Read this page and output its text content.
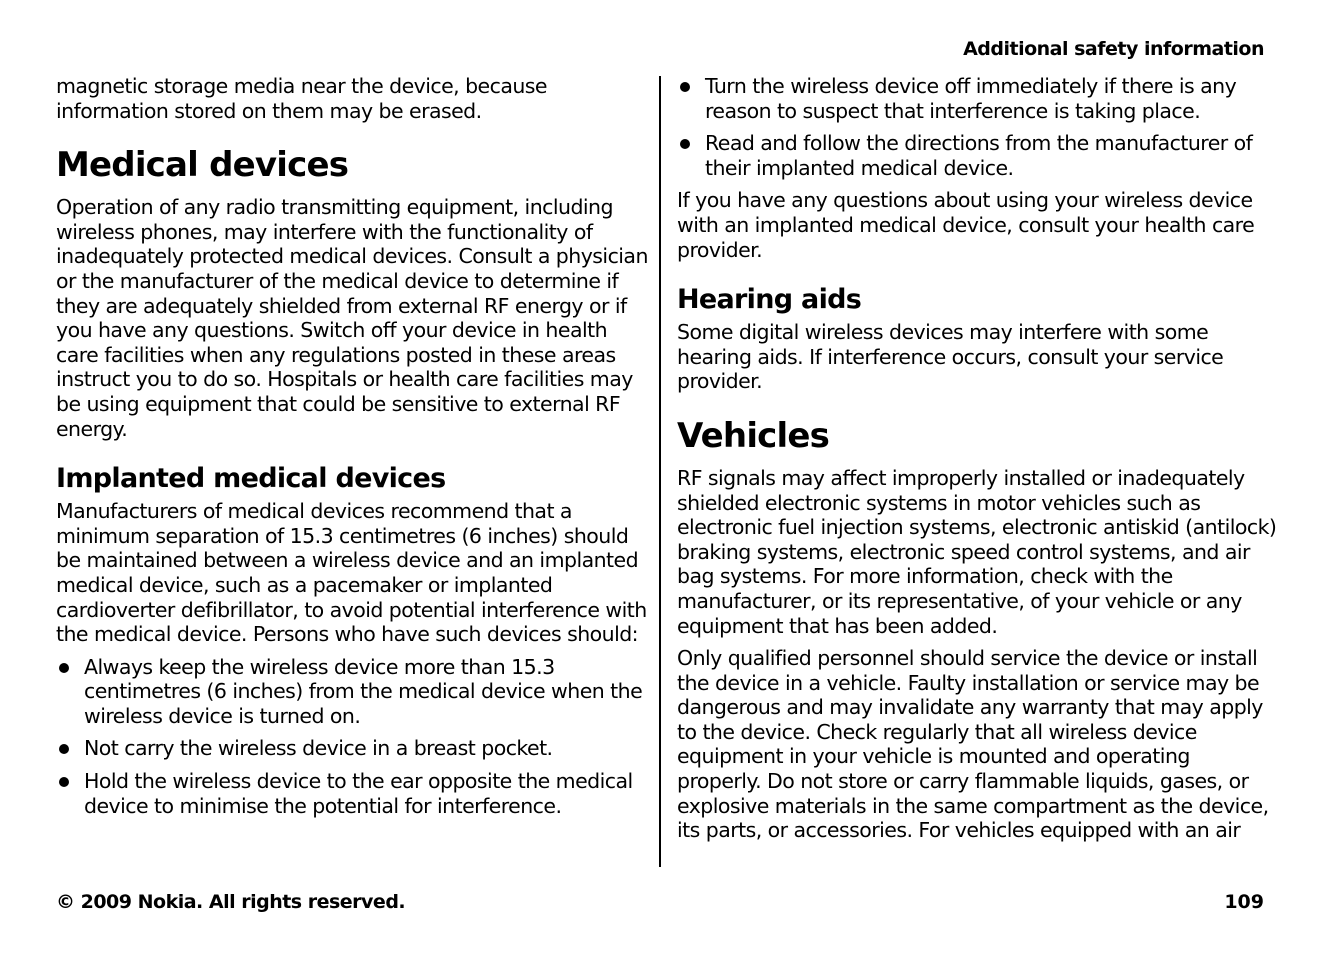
Additional safety information

magnetic storage media near the device, because information stored on them may be erased.

Medical devices

Operation of any radio transmitting equipment, including wireless phones, may interfere with the functionality of inadequately protected medical devices. Consult a physician or the manufacturer of the medical device to determine if they are adequately shielded from external RF energy or if you have any questions. Switch off your device in health care facilities when any regulations posted in these areas instruct you to do so. Hospitals or health care facilities may be using equipment that could be sensitive to external RF energy.

Implanted medical devices

Manufacturers of medical devices recommend that a minimum separation of 15.3 centimetres (6 inches) should be maintained between a wireless device and an implanted medical device, such as a pacemaker or implanted cardioverter defibrillator, to avoid potential interference with the medical device. Persons who have such devices should:

Always keep the wireless device more than 15.3 centimetres (6 inches) from the medical device when the wireless device is turned on.
Not carry the wireless device in a breast pocket.
Hold the wireless device to the ear opposite the medical device to minimise the potential for interference.
Turn the wireless device off immediately if there is any reason to suspect that interference is taking place.
Read and follow the directions from the manufacturer of their implanted medical device.

If you have any questions about using your wireless device with an implanted medical device, consult your health care provider.

Hearing aids

Some digital wireless devices may interfere with some hearing aids. If interference occurs, consult your service provider.

Vehicles

RF signals may affect improperly installed or inadequately shielded electronic systems in motor vehicles such as electronic fuel injection systems, electronic antiskid (antilock) braking systems, electronic speed control systems, and air bag systems. For more information, check with the manufacturer, or its representative, of your vehicle or any equipment that has been added.

Only qualified personnel should service the device or install the device in a vehicle. Faulty installation or service may be dangerous and may invalidate any warranty that may apply to the device. Check regularly that all wireless device equipment in your vehicle is mounted and operating properly. Do not store or carry flammable liquids, gases, or explosive materials in the same compartment as the device, its parts, or accessories. For vehicles equipped with an air

© 2009 Nokia. All rights reserved.	109
